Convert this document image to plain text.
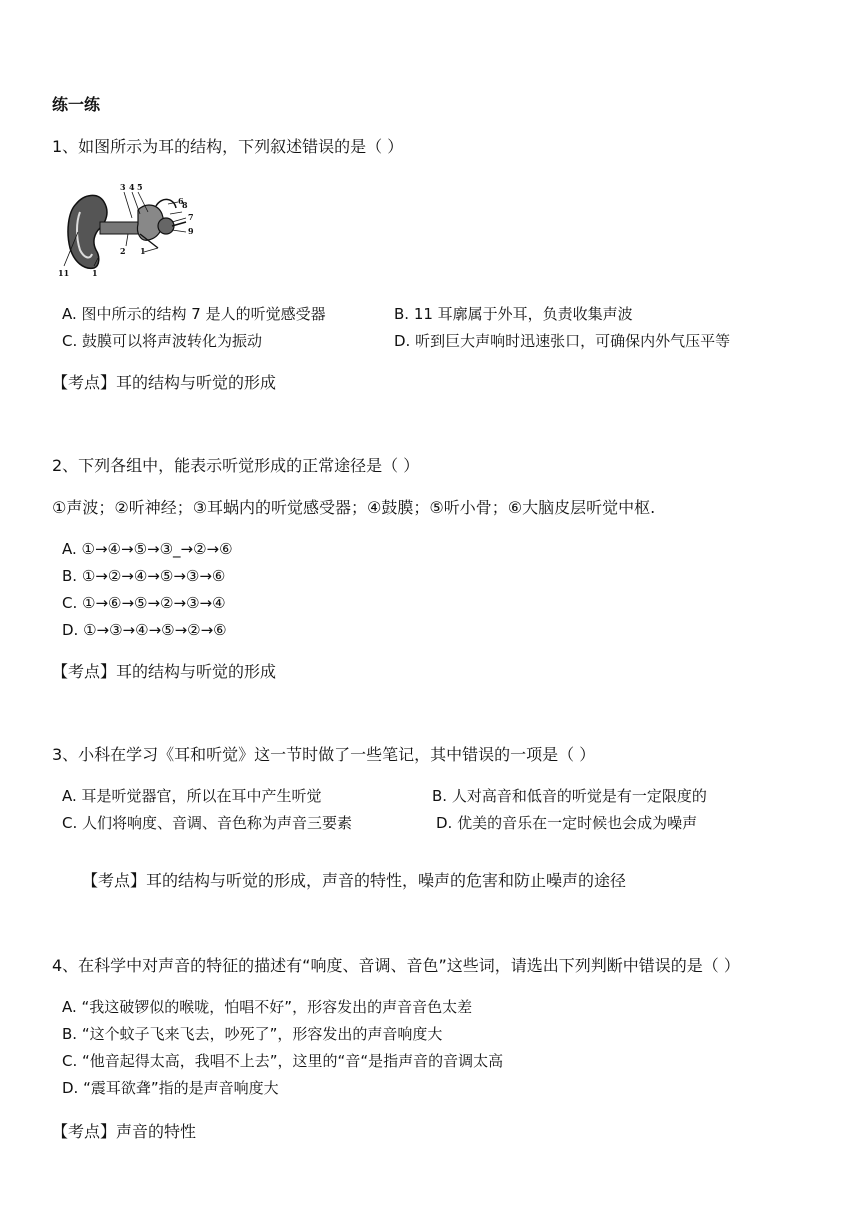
练一练
1、如图所示为耳的结构，下列叙述错误的是（ ）
3 4 5
6
8
7
9
2 1
11	1
A. 图中所示的结构 7 是人的听觉感受器	B. 11 耳廓属于外耳，负责收集声波
C. 鼓膜可以将声波转化为振动	D. 听到巨大声响时迅速张口，可确保内外气压平等
【考点】耳的结构与听觉的形成
2、下列各组中，能表示听觉形成的正常途径是（ ）
①声波；②听神经；③耳蜗内的听觉感受器；④鼓膜；⑤听小骨；⑥大脑皮层听觉中枢.
A. ①→④→⑤→③_→②→⑥
B. ①→②→④→⑤→③→⑥
C. ①→⑥→⑤→②→③→④
D. ①→③→④→⑤→②→⑥
【考点】耳的结构与听觉的形成
3、小科在学习《耳和听觉》这一节时做了一些笔记，其中错误的一项是（ ）
A. 耳是听觉器官，所以在耳中产生听觉	B. 人对高音和低音的听觉是有一定限度的
C. 人们将响度、音调、音色称为声音三要素	D. 优美的音乐在一定时候也会成为噪声
【考点】耳的结构与听觉的形成，声音的特性，噪声的危害和防止噪声的途径
4、在科学中对声音的特征的描述有“响度、音调、音色”这些词，请选出下列判断中错误的是（ ）
A. “我这破锣似的喉咙，怕唱不好”，形容发出的声音音色太差
B. “这个蚊子飞来飞去，吵死了”，形容发出的声音响度大
C. “他音起得太高，我唱不上去”，这里的“音“是指声音的音调太高
D. “震耳欲聋”指的是声音响度大
【考点】声音的特性
